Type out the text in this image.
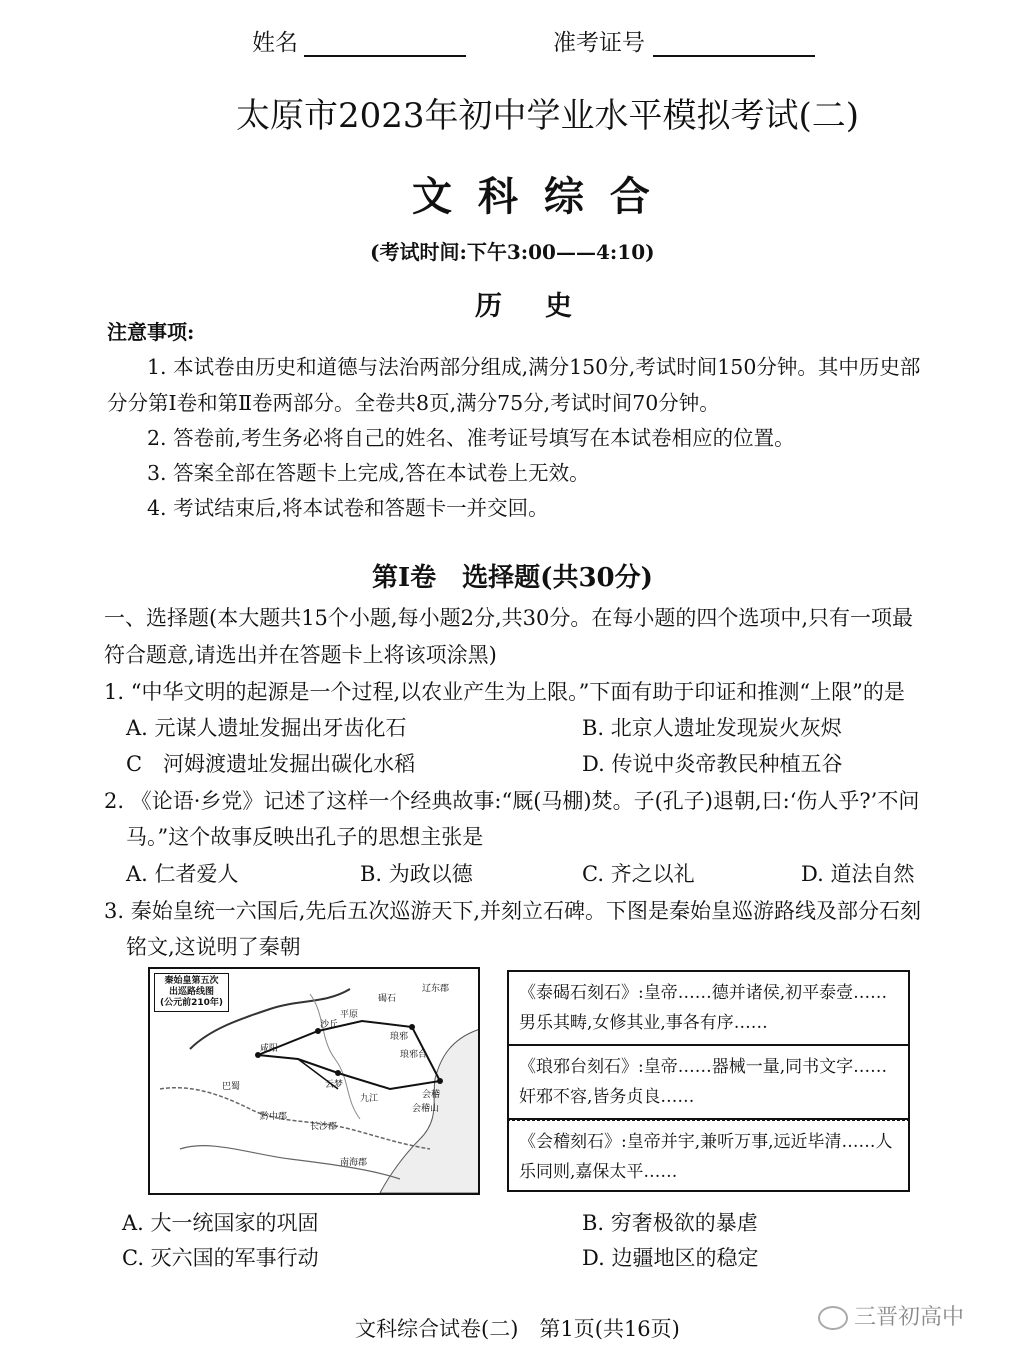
姓名	准考证号
太原市2023年初中学业水平模拟考试(二)
文 科 综 合
(考试时间:下午3:00——4:10)
历　史
注意事项:
1. 本试卷由历史和道德与法治两部分组成,满分150分,考试时间150分钟。其中历史部
分分第Ⅰ卷和第Ⅱ卷两部分。全卷共8页,满分75分,考试时间70分钟。
2. 答卷前,考生务必将自己的姓名、准考证号填写在本试卷相应的位置。
3. 答案全部在答题卡上完成,答在本试卷上无效。
4. 考试结束后,将本试卷和答题卡一并交回。
第Ⅰ卷　选择题(共30分)
一、选择题(本大题共15个小题,每小题2分,共30分。在每小题的四个选项中,只有一项最
符合题意,请选出并在答题卡上将该项涂黑)
1. “中华文明的起源是一个过程,以农业产生为上限。”下面有助于印证和推测“上限”的是
A. 元谋人遗址发掘出牙齿化石	B. 北京人遗址发现炭火灰烬
C　河姆渡遗址发掘出碳化水稻	D. 传说中炎帝教民种植五谷
2. 《论语·乡党》记述了这样一个经典故事:“厩(马棚)焚。子(孔子)退朝,曰:‘伤人乎?’不问
马。”这个故事反映出孔子的思想主张是
A. 仁者爱人	B. 为政以德	C. 齐之以礼	D. 道法自然
3. 秦始皇统一六国后,先后五次巡游天下,并刻立石碑。下图是秦始皇巡游路线及部分石刻
铭文,这说明了秦朝
咸阳
琅邪
会稽
平原
沙丘
云梦
会稽山
九江
南海郡
长沙郡
黔中郡
巴蜀
辽东郡
琅邪台
碣石
秦始皇第五次
出巡路线图
(公元前210年)	《泰碣石刻石》:皇帝……德并诸侯,初平泰壹……男乐其畴,女修其业,事各有序……
《琅邪台刻石》:皇帝……器械一量,同书文字……奸邪不容,皆务贞良……
《会稽刻石》:皇帝并宇,兼听万事,远近毕清……人乐同则,嘉保太平……
A. 大一统国家的巩固	B. 穷奢极欲的暴虐
C. 灭六国的军事行动	D. 边疆地区的稳定
文科综合试卷(二)　第1页(共16页)	三晋初高中
